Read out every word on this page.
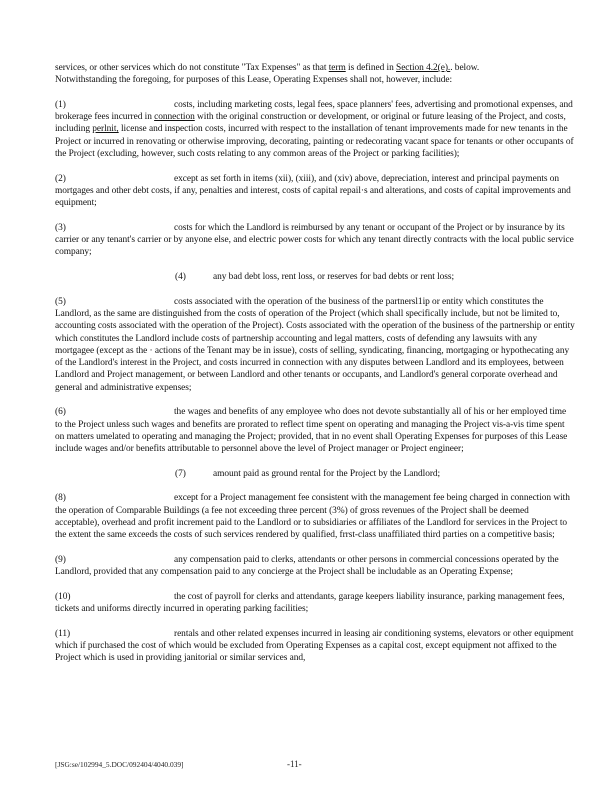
services, or other services which do not constitute "Tax Expenses" as that term is defined in Section 4.2(e).. below.
Notwithstanding the foregoing, for purposes of this Lease, Operating Expenses shall not, however, include:

(1)	costs, including marketing costs, legal fees, space planners' fees, advertising and promotional expenses, and brokerage fees incurred in connection with the original construction or development, or original or future leasing of the Project, and costs, including perlnit, license and inspection costs, incurred with respect to the installation of tenant improvements made for new tenants in the Project or incurred in renovating or otherwise improving, decorating, painting or redecorating vacant space for tenants or other occupants of the Project (excluding, however, such costs relating to any common areas of the Project or parking facilities);

(2)	except as set forth in items (xii), (xiii), and (xiv) above, depreciation, interest and principal payments on mortgages and other debt costs, if any, penalties and interest, costs of capital repail·s and alterations, and costs of capital improvements and equipment;

(3)	costs for which the Landlord is reimbursed by any tenant or occupant of the Project or by insurance by its carrier or any tenant's carrier or by anyone else, and electric power costs for which any tenant directly contracts with the local public service company;

(4)	any bad debt loss, rent loss, or reserves for bad debts or rent loss;

(5)	costs associated with the operation of the business of the partnersl1ip or entity which constitutes the Landlord, as the same are distinguished from the costs of operation of the Project (which shall specifically include, but not be limited to, accounting costs associated with the operation of the Project). Costs associated with the operation of the business of the partnership or entity which constitutes the Landlord include costs of partnership accounting and legal matters, costs of defending any lawsuits with any mortgagee (except as the · actions of the Tenant may be in issue), costs of selling, syndicating, financing, mortgaging or hypothecating any of the Landlord's interest in the Project, and costs incurred in connection with any disputes between Landlord and its employees, between Landlord and Project management, or between Landlord and other tenants or occupants, and Landlord's general corporate overhead and general and administrative expenses;

(6)	the wages and benefits of any employee who does not devote substantially all of his or her employed time to the Project unless such wages and benefits are prorated to reflect time spent on operating and managing the Project vis-a-vis time spent on matters umelated to operating and managing the Project; provided, that in no event shall Operating Expenses for purposes of this Lease include wages and/or benefits attributable to personnel above the level of Project manager or Project engineer;

(7)	amount paid as ground rental for the Project by the Landlord;

(8)	except for a Project management fee consistent with the management fee being charged in connection with the operation of Comparable Buildings (a fee not exceeding three percent (3%) of gross revenues of the Project shall be deemed acceptable), overhead and profit increment paid to the Landlord or to subsidiaries or affiliates of the Landlord for services in the Project to the extent the same exceeds the costs of such services rendered by qualified, frrst-class unaffiliated third parties on a competitive basis;

(9)	any compensation paid to clerks, attendants or other persons in commercial concessions operated by the Landlord, provided that any compensation paid to any concierge at the Project shall be includable as an Operating Expense;

(10)	the cost of payroll for clerks and attendants, garage keepers liability insurance, parking management fees, tickets and uniforms directly incurred in operating parking facilities;

(11)	rentals and other related expenses incurred in leasing air conditioning systems, elevators or other equipment which if purchased the cost of which would be excluded from Operating Expenses as a capital cost, except equipment not affixed to the Project which is used in providing janitorial or similar services and,

[JSG:se/102994_5.DOC/092404/4040.039]	-11-
